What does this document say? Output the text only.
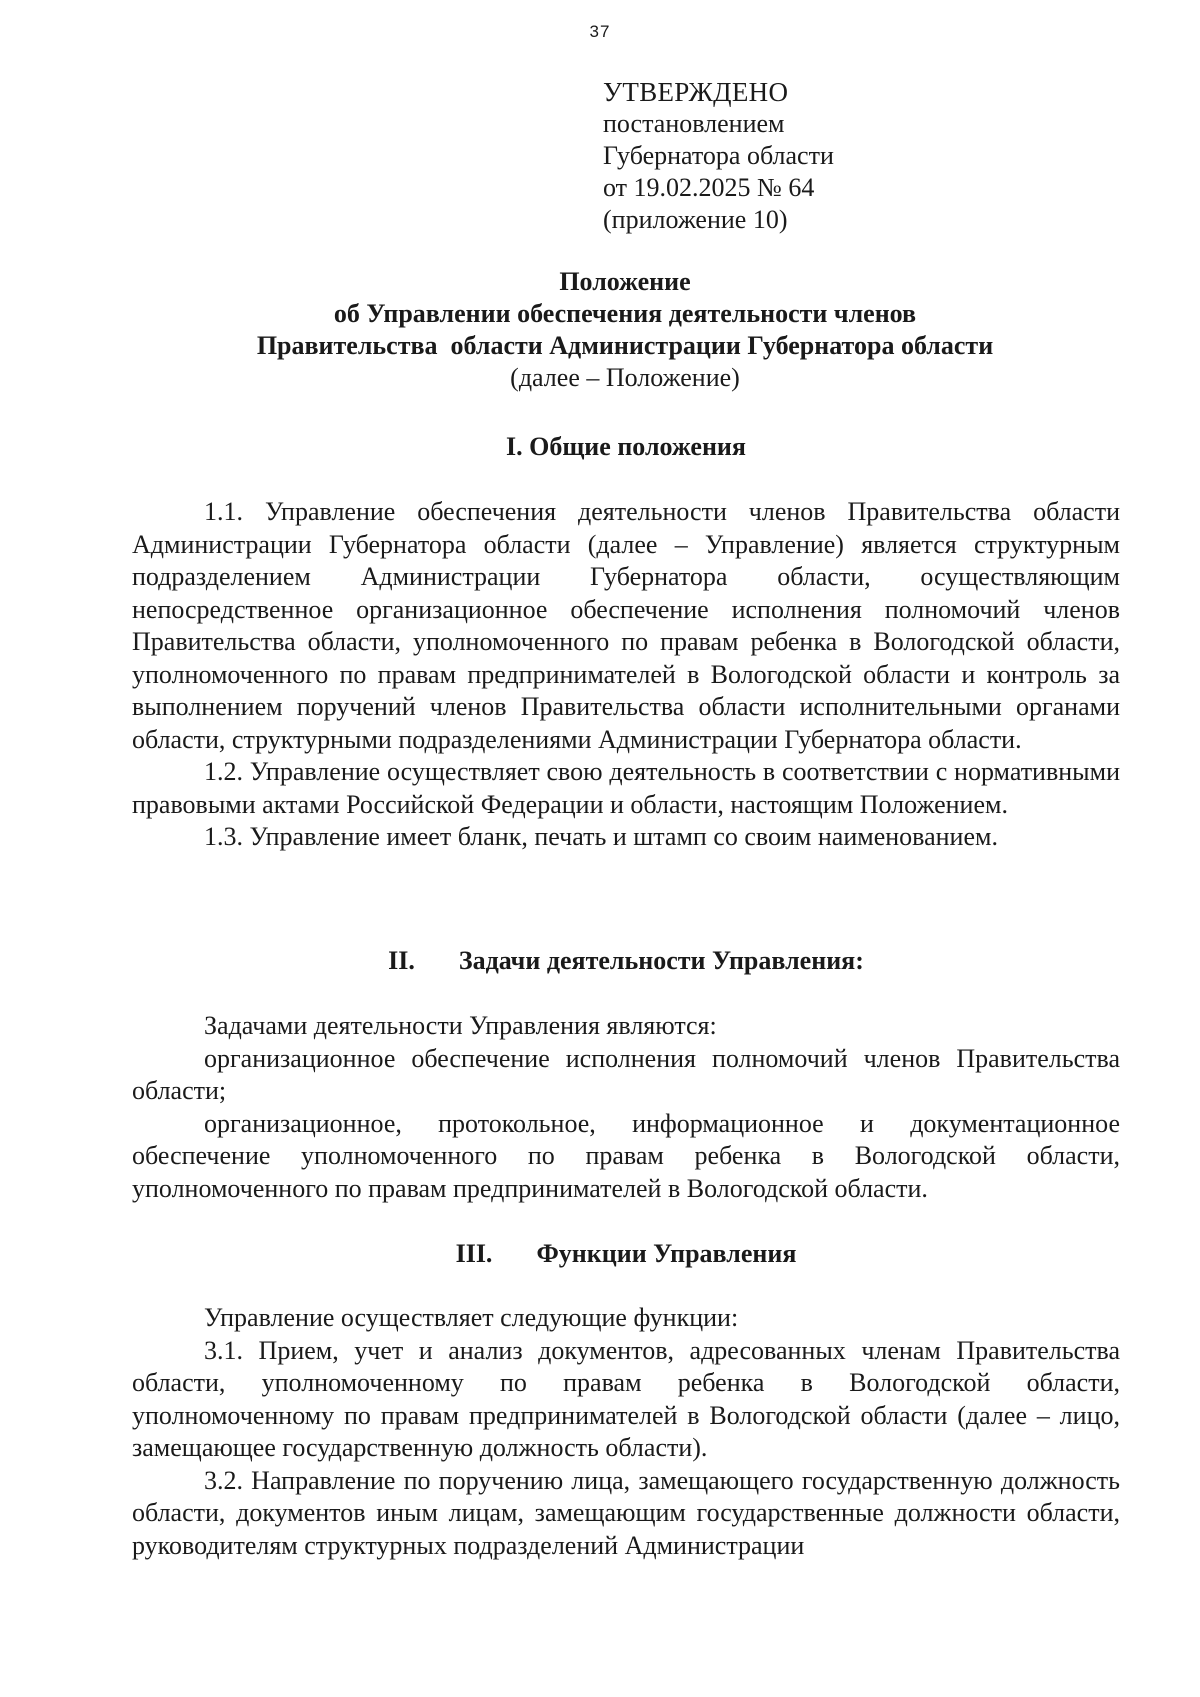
37
УТВЕРЖДЕНО
постановлением
Губернатора области
от 19.02.2025 № 64
(приложение 10)
Положение
об Управлении обеспечения деятельности членов
Правительства  области Администрации Губернатора области
(далее – Положение)
I. Общие положения

1.1. Управление обеспечения деятельности членов Правительства области Администрации Губернатора области (далее – Управление) является структурным подразделением Администрации Губернатора области, осуществляющим непосредственное организационное обеспечение исполнения полномочий членов Правительства области, уполномоченного по правам ребенка в Вологодской области, уполномоченного по правам предпринимателей в Вологодской области и контроль за выполнением поручений членов Правительства области исполнительными органами области, структурными подразделениями Администрации Губернатора области.

1.2. Управление осуществляет свою деятельность в соответствии с нормативными правовыми актами Российской Федерации и области, настоящим Положением.

1.3. Управление имеет бланк, печать и штамп со своим наименованием.

II. Задачи деятельности Управления:

Задачами деятельности Управления являются:

организационное обеспечение исполнения полномочий членов Правительства области;

организационное, протокольное, информационное и документационное обеспечение уполномоченного по правам ребенка в Вологодской области, уполномоченного по правам предпринимателей в Вологодской области.

III. Функции Управления

Управление осуществляет следующие функции:

3.1. Прием, учет и анализ документов, адресованных членам Правительства области, уполномоченному по правам ребенка в Вологодской области, уполномоченному по правам предпринимателей в Вологодской области (далее – лицо, замещающее государственную должность области).

3.2. Направление по поручению лица, замещающего государственную должность области, документов иным лицам, замещающим государственные должности области, руководителям структурных подразделений Администрации
